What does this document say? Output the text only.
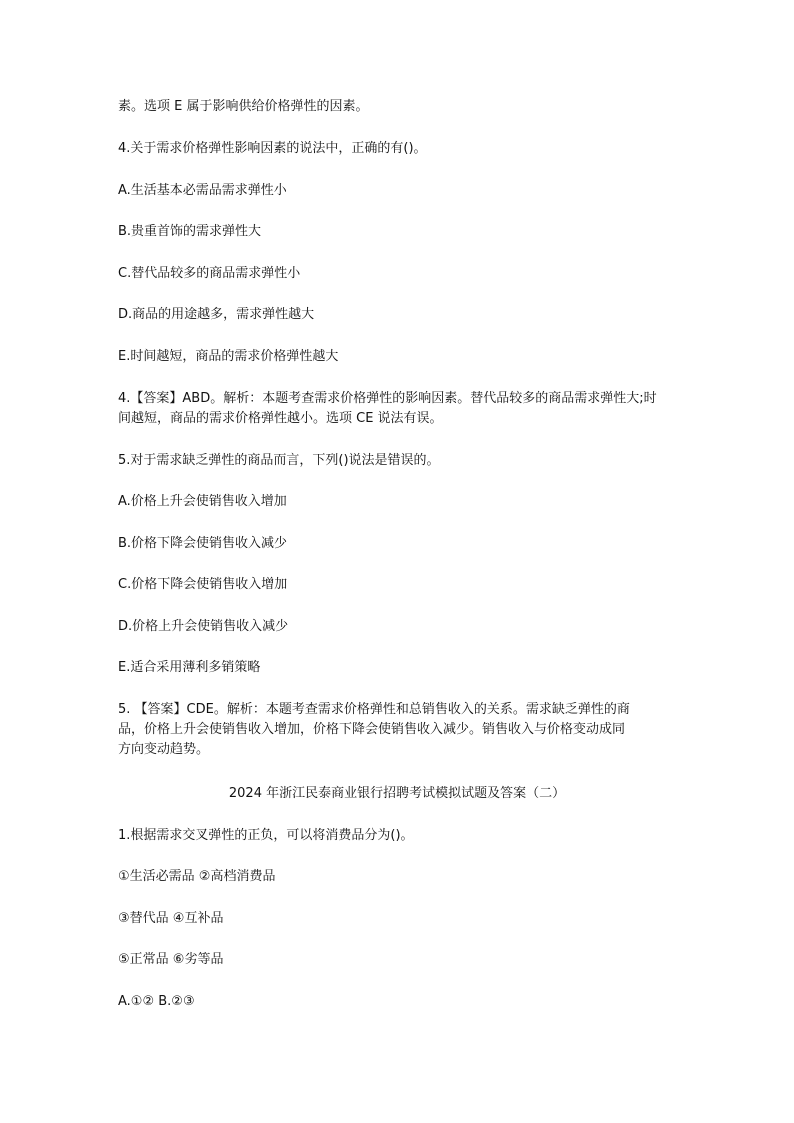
素。选项 E 属于影响供给价格弹性的因素。
4.关于需求价格弹性影响因素的说法中，正确的有()。
A.生活基本必需品需求弹性小
B.贵重首饰的需求弹性大
C.替代品较多的商品需求弹性小
D.商品的用途越多，需求弹性越大
E.时间越短，商品的需求价格弹性越大
4.【答案】ABD。解析：本题考查需求价格弹性的影响因素。替代品较多的商品需求弹性大;时
间越短，商品的需求价格弹性越小。选项 CE 说法有误。
5.对于需求缺乏弹性的商品而言，下列()说法是错误的。
A.价格上升会使销售收入增加
B.价格下降会使销售收入减少
C.价格下降会使销售收入增加
D.价格上升会使销售收入减少
E.适合采用薄利多销策略
5. 【答案】CDE。解析：本题考查需求价格弹性和总销售收入的关系。需求缺乏弹性的商
品，价格上升会使销售收入增加，价格下降会使销售收入减少。销售收入与价格变动成同
方向变动趋势。
2024 年浙江民泰商业银行招聘考试模拟试题及答案（二）
1.根据需求交叉弹性的正负，可以将消费品分为()。
①生活必需品 ②高档消费品
③替代品 ④互补品
⑤正常品 ⑥劣等品
A.①② B.②③
